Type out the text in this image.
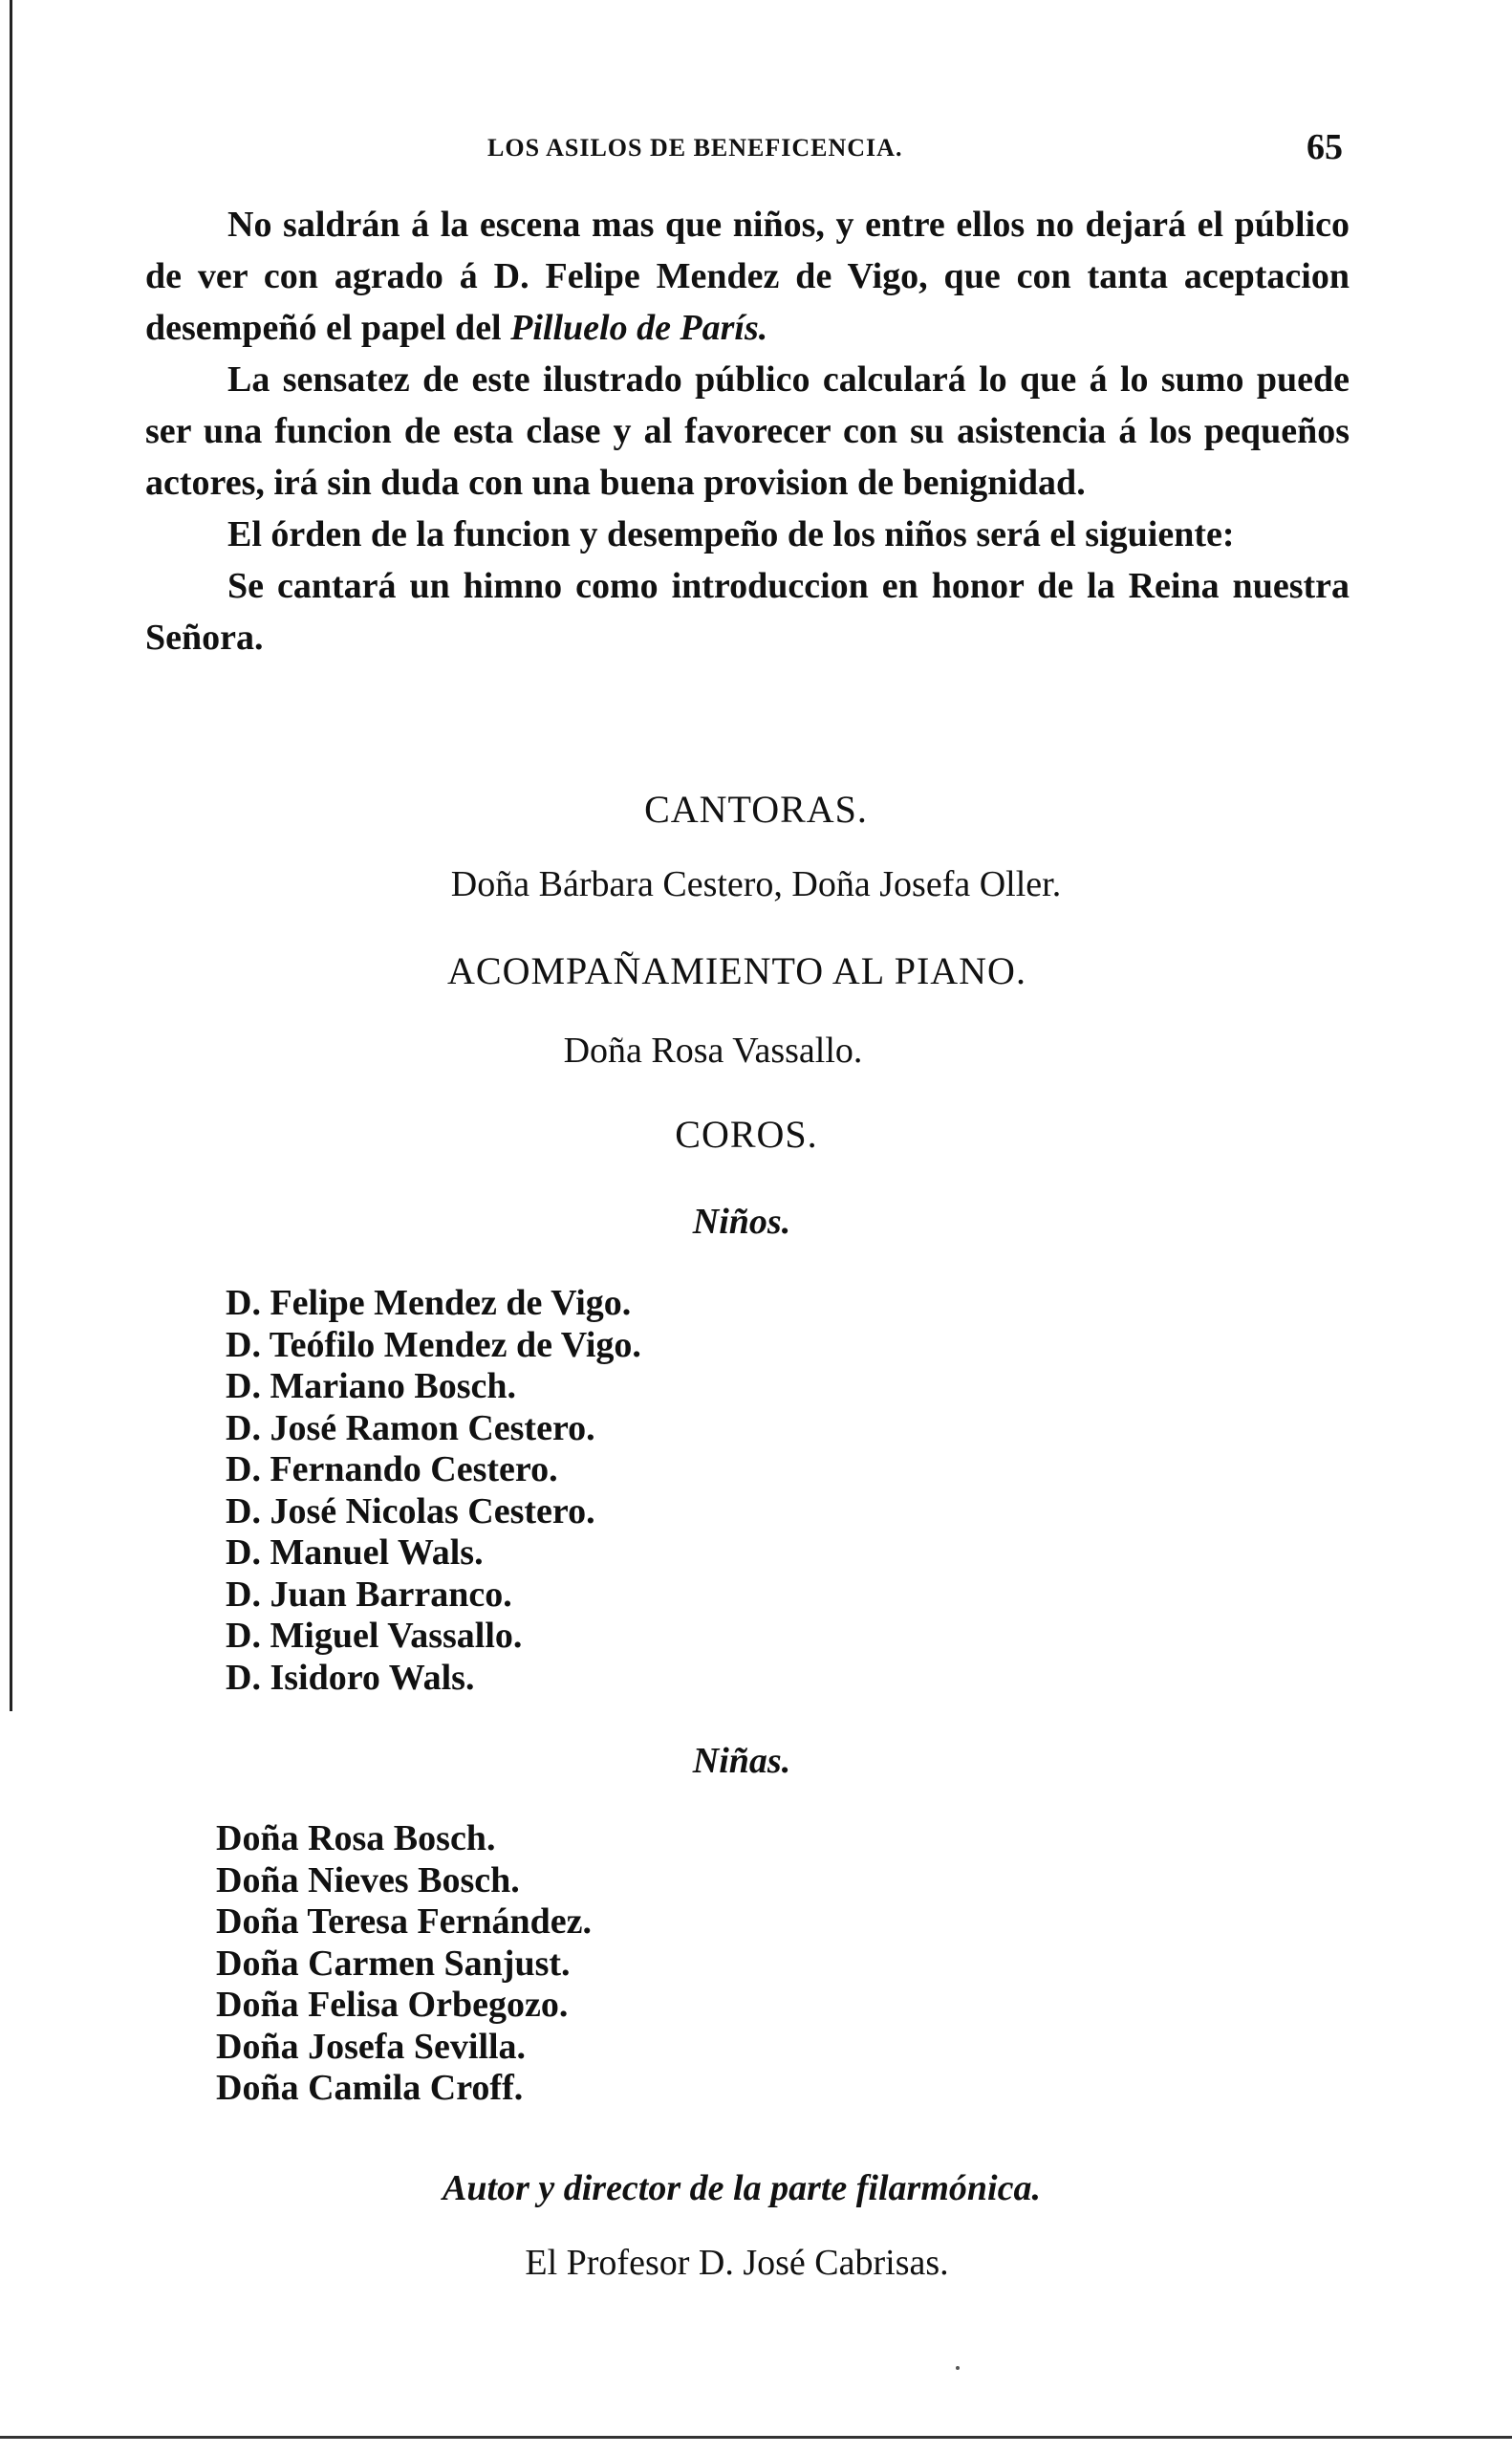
LOS ASILOS DE BENEFICENCIA.	65

No saldrán á la escena mas que niños, y entre ellos no dejará el público de ver con agrado á D. Felipe Mendez de Vigo, que con tanta aceptacion desempeñó el papel del Pilluelo de París.

La sensatez de este ilustrado público calculará lo que á lo sumo puede ser una funcion de esta clase y al favorecer con su asistencia á los pequeños actores, irá sin duda con una buena provision de benignidad.

El órden de la funcion y desempeño de los niños será el siguiente:

Se cantará un himno como introduccion en honor de la Reina nuestra Señora.

CANTORAS.
Doña Bárbara Cestero, Doña Josefa Oller.
ACOMPAÑAMIENTO AL PIANO.
Doña Rosa Vassallo.
COROS.
Niños.
D. Felipe Mendez de Vigo.
D. Teófilo Mendez de Vigo.
D. Mariano Bosch.
D. José Ramon Cestero.
D. Fernando Cestero.
D. José Nicolas Cestero.
D. Manuel Wals.
D. Juan Barranco.
D. Miguel Vassallo.
D. Isidoro Wals.
Niñas.
Doña Rosa Bosch.
Doña Nieves Bosch.
Doña Teresa Fernández.
Doña Carmen Sanjust.
Doña Felisa Orbegozo.
Doña Josefa Sevilla.
Doña Camila Croff.
Autor y director de la parte filarmónica.
El Profesor D. José Cabrisas.
